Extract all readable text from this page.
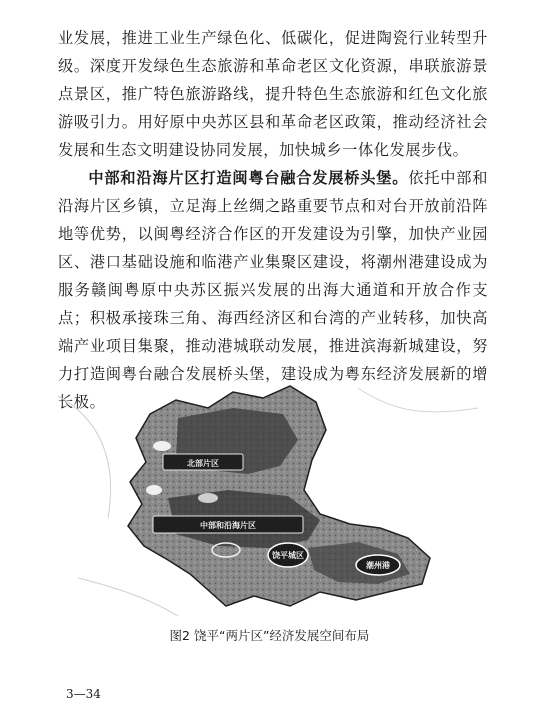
业发展，推进工业生产绿色化、低碳化，促进陶瓷行业转型升级。深度开发绿色生态旅游和革命老区文化资源，串联旅游景点景区，推广特色旅游路线，提升特色生态旅游和红色文化旅游吸引力。用好原中央苏区县和革命老区政策，推动经济社会发展和生态文明建设协同发展，加快城乡一体化发展步伐。

中部和沿海片区打造闽粤台融合发展桥头堡。依托中部和沿海片区乡镇，立足海上丝绸之路重要节点和对台开放前沿阵地等优势，以闽粤经济合作区的开发建设为引擎，加快产业园区、港口基础设施和临港产业集聚区建设，将潮州港建设成为服务赣闽粤原中央苏区振兴发展的出海大通道和开放合作支点；积极承接珠三角、海西经济区和台湾的产业转移，加快高端产业项目集聚，推动港城联动发展，推进滨海新城建设，努力打造闽粤台融合发展桥头堡，建设成为粤东经济发展新的增长极。

北部片区
中部和沿海片区
饶平城区
潮州港
图2 饶平“两片区”经济发展空间布局
3—34
